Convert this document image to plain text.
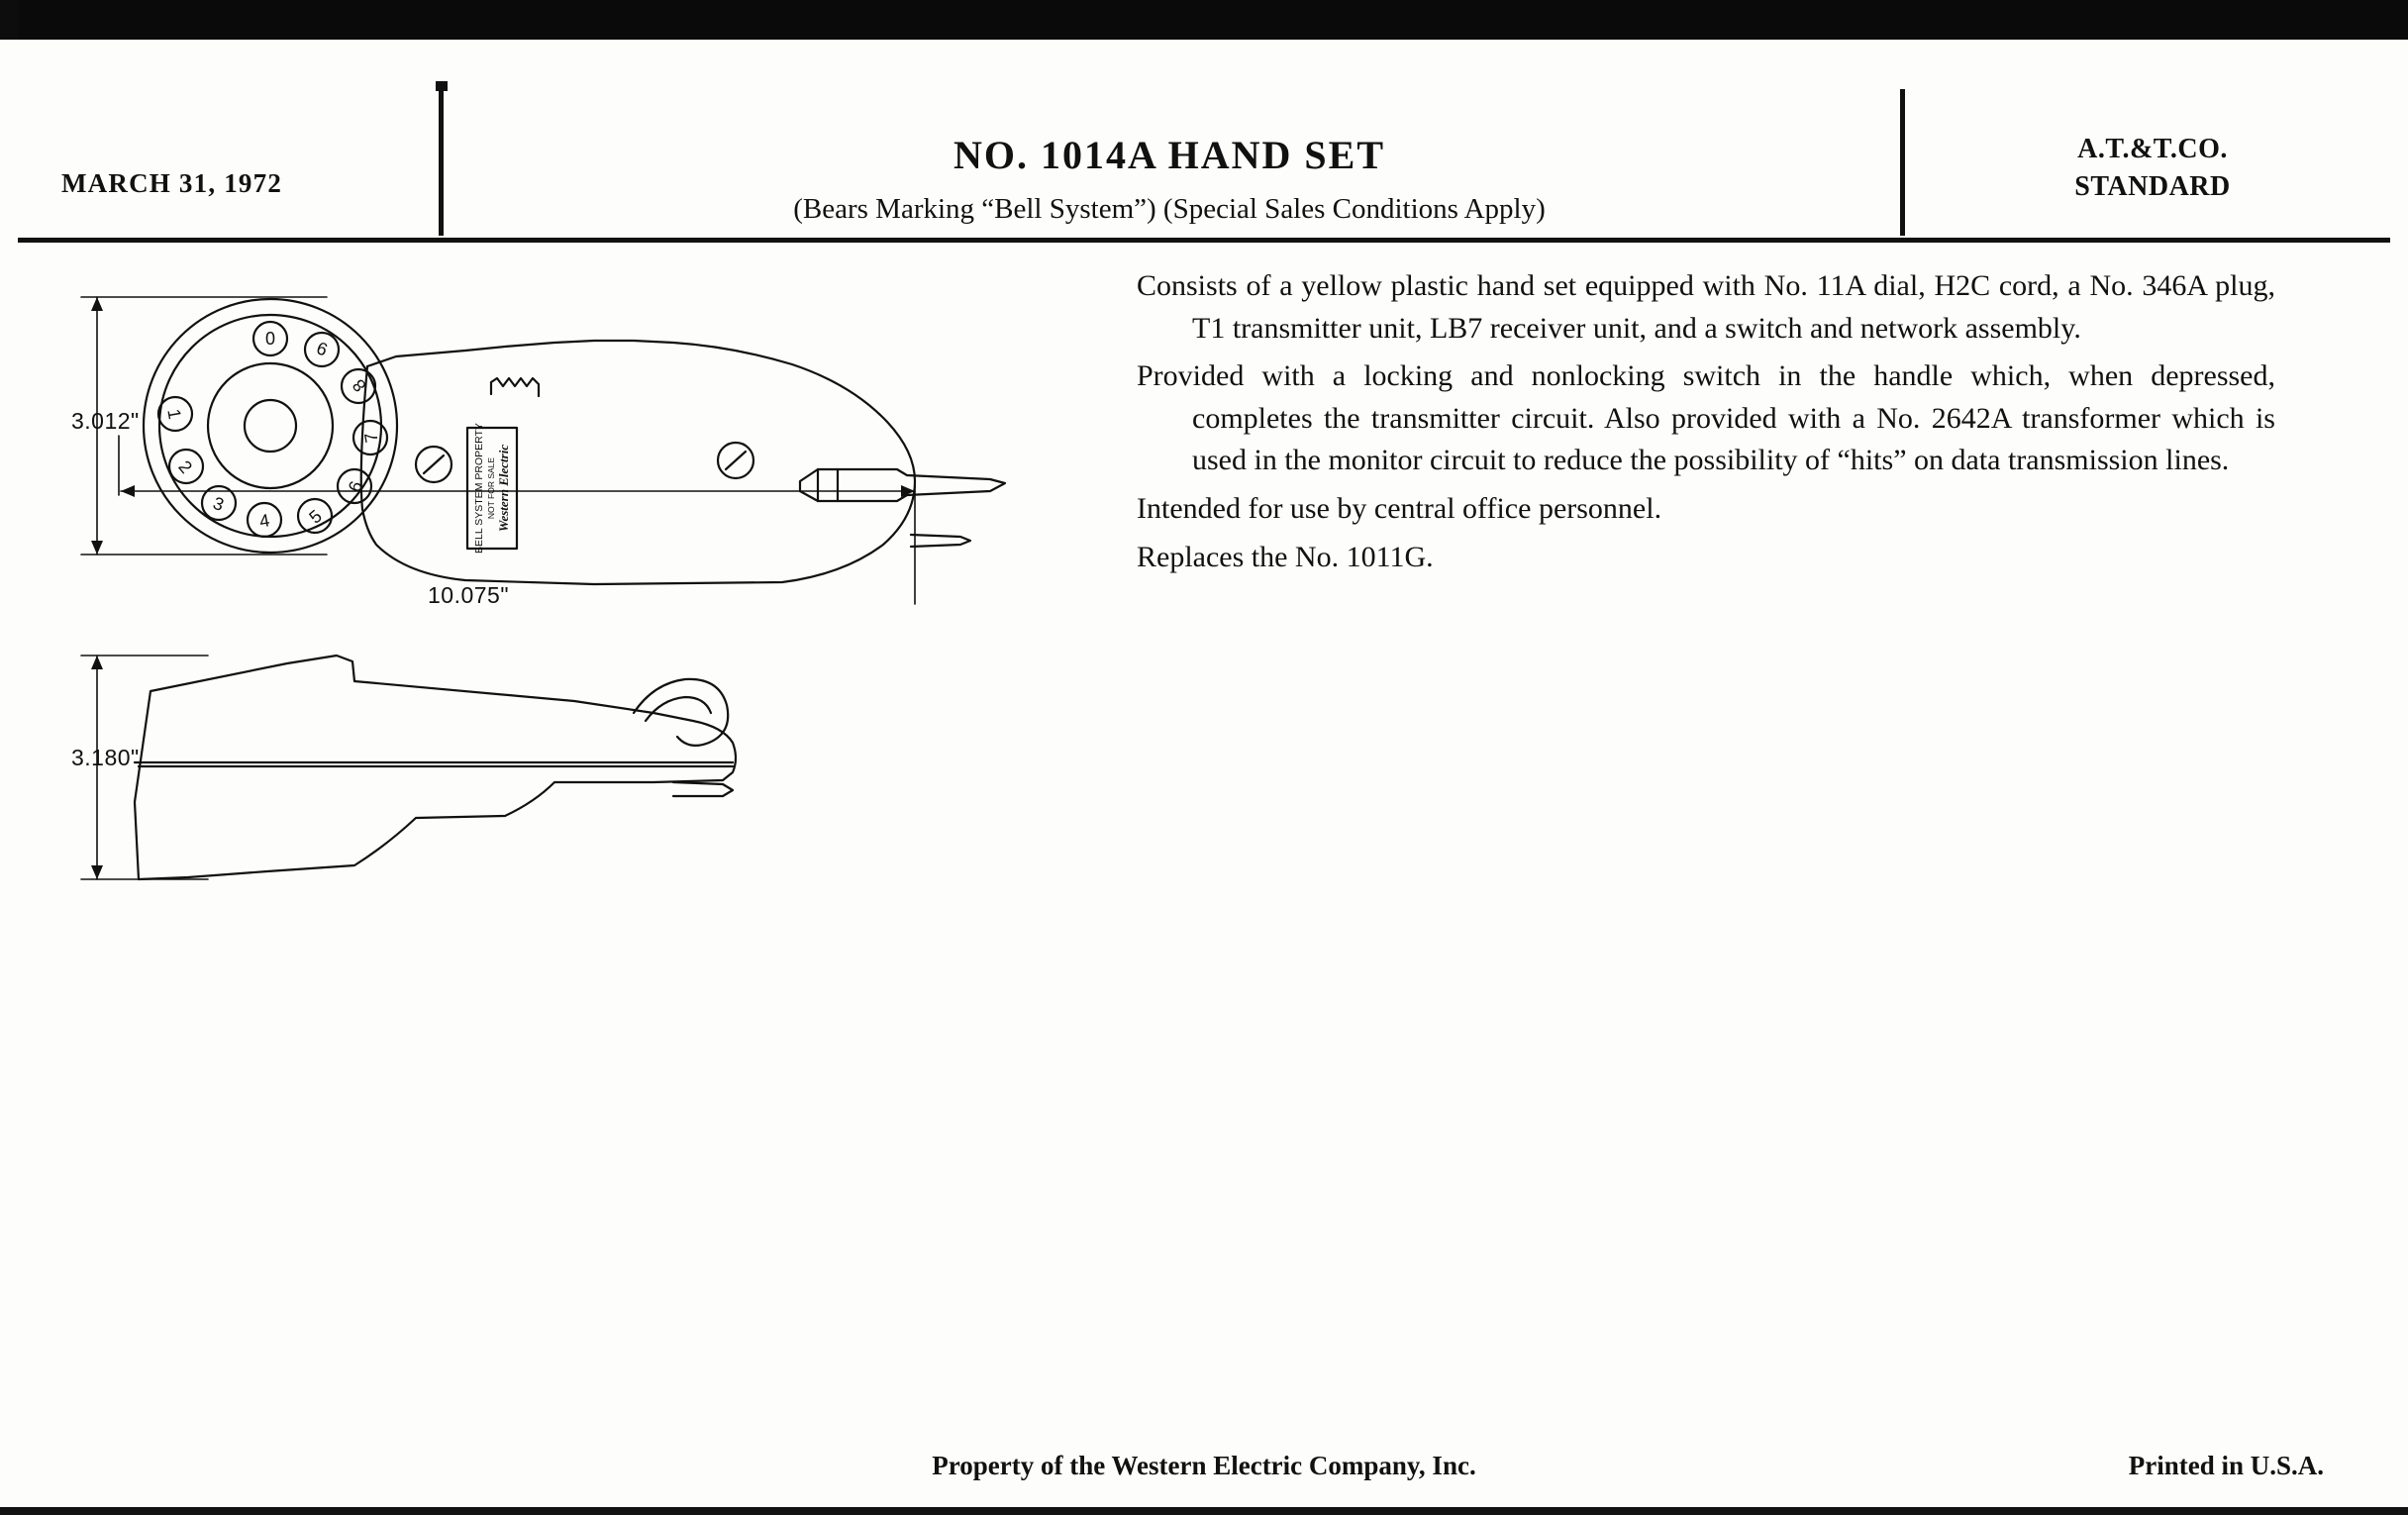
MARCH 31, 1972
NO. 1014A HAND SET
(Bears Marking “Bell System”) (Special Sales Conditions Apply)
A.T.&T.CO.
STANDARD

Consists of a yellow plastic hand set equipped with No. 11A dial, H2C cord, a No. 346A plug, T1 transmitter unit, LB7 receiver unit, and a switch and network assembly.

Provided with a locking and nonlocking switch in the handle which, when depressed, completes the transmitter circuit. Also provided with a No. 2642A transformer which is used in the monitor circuit to reduce the possibility of “hits” on data transmission lines.

Intended for use by central office personnel.

Replaces the No. 1011G.

0 9
8
7
6
5
4
3
2
1
BELL SYSTEM PROPERTY NOT FOR SALE Western Electric
3.012"
10.075"
3.180"
Property of the Western Electric Company, Inc.	Printed in U.S.A.
